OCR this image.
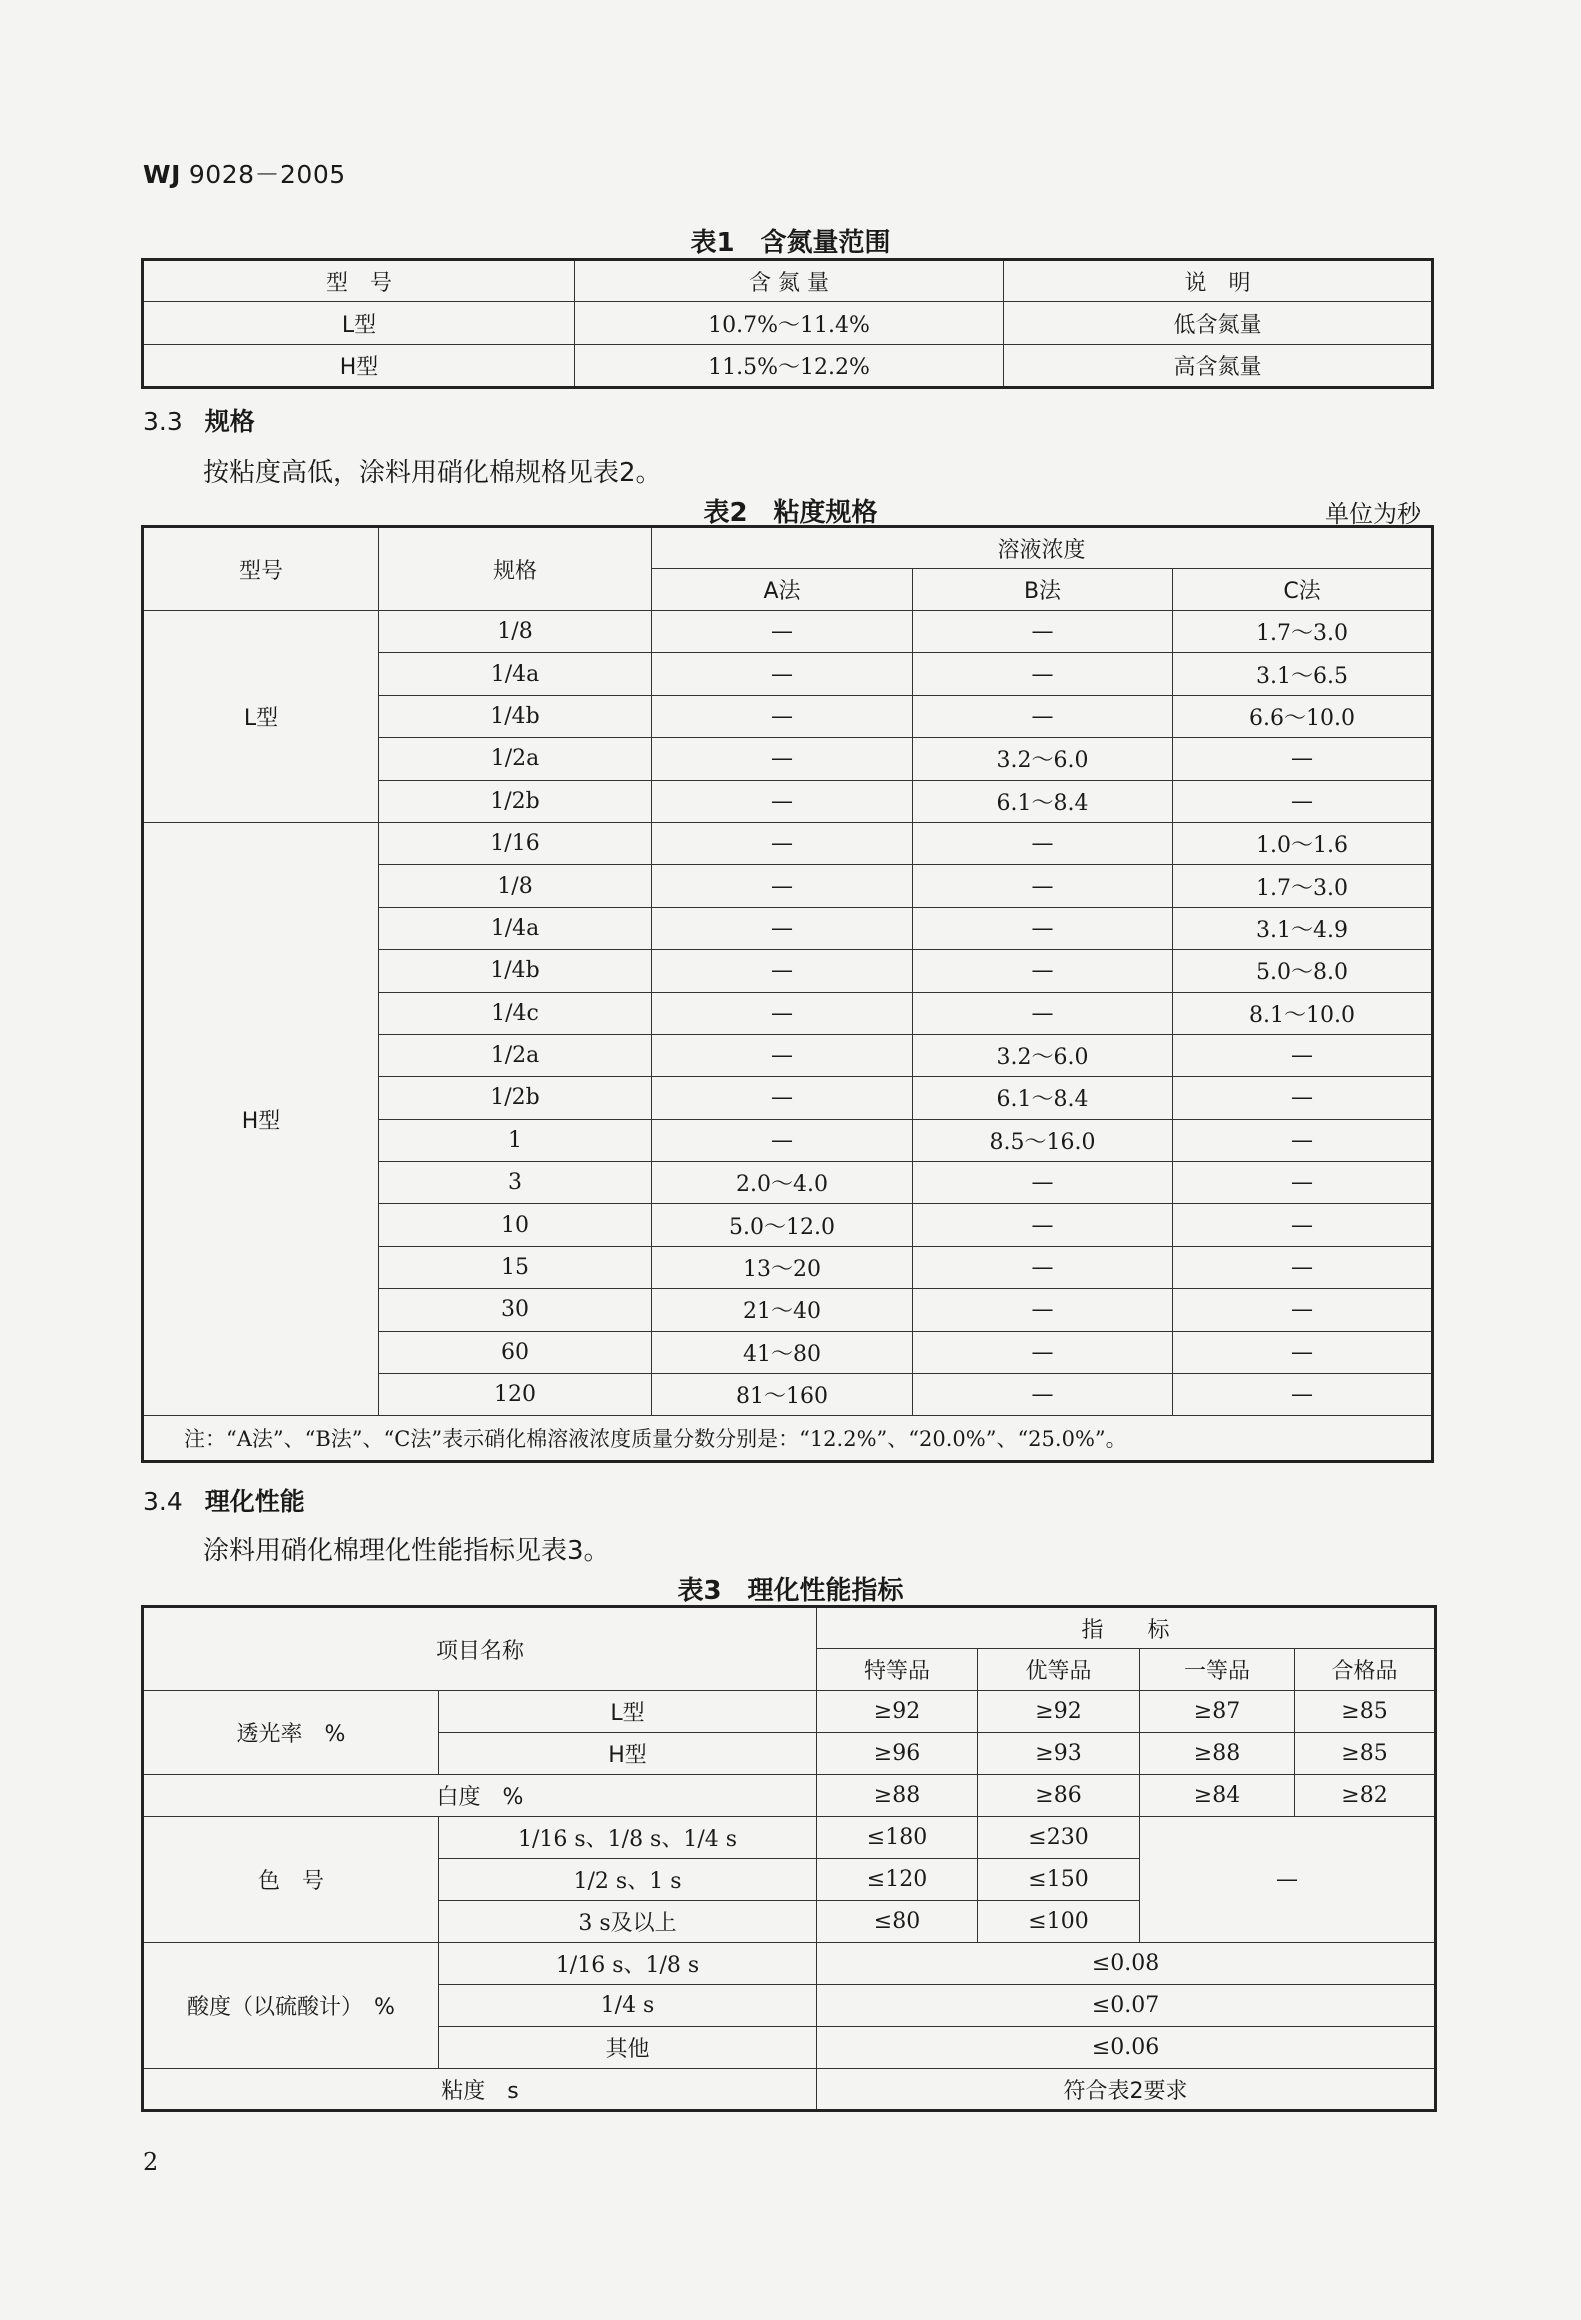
WJ 9028－2005
表1　含氮量范围
型　号	含 氮 量	说　明
L型	10.7%～11.4%	低含氮量
H型	11.5%～12.2%	高含氮量
3.3 规格
按粘度高低，涂料用硝化棉规格见表2。
表2　粘度规格	单位为秒
型号	规格	溶液浓度		
		A法	B法	C法
L型	1/8	—	—	1.7～3.0
	1/4a	—	—	3.1～6.5
	1/4b	—	—	6.6～10.0
	1/2a	—	3.2～6.0	—
	1/2b	—	6.1～8.4	—
H型	1/16	—	—	1.0～1.6
	1/8	—	—	1.7～3.0
	1/4a	—	—	3.1～4.9
	1/4b	—	—	5.0～8.0
	1/4c	—	—	8.1～10.0
	1/2a	—	3.2～6.0	—
	1/2b	—	6.1～8.4	—
	1	—	8.5～16.0	—
	3	2.0～4.0	—	—
	10	5.0～12.0	—	—
	15	13～20	—	—
	30	21～40	—	—
	60	41～80	—	—
	120	81～160	—	—
注：“A法”、“B法”、“C法”表示硝化棉溶液浓度质量分数分别是：“12.2%”、“20.0%”、“25.0%”。				
3.4 理化性能
涂料用硝化棉理化性能指标见表3。
表3　理化性能指标
项目名称		指　　标			
		特等品	优等品	一等品	合格品
透光率　%	L型	≥92	≥92	≥87	≥85
	H型	≥96	≥93	≥88	≥85
白度　%		≥88	≥86	≥84	≥82
色　号	1/16 s、1/8 s、1/4 s	≤180	≤230	—	
	1/2 s、1 s	≤120	≤150		
	3 s及以上	≤80	≤100		
酸度（以硫酸计）　%	1/16 s、1/8 s	≤0.08			
	1/4 s	≤0.07			
	其他	≤0.06			
粘度　s		符合表2要求			
2
